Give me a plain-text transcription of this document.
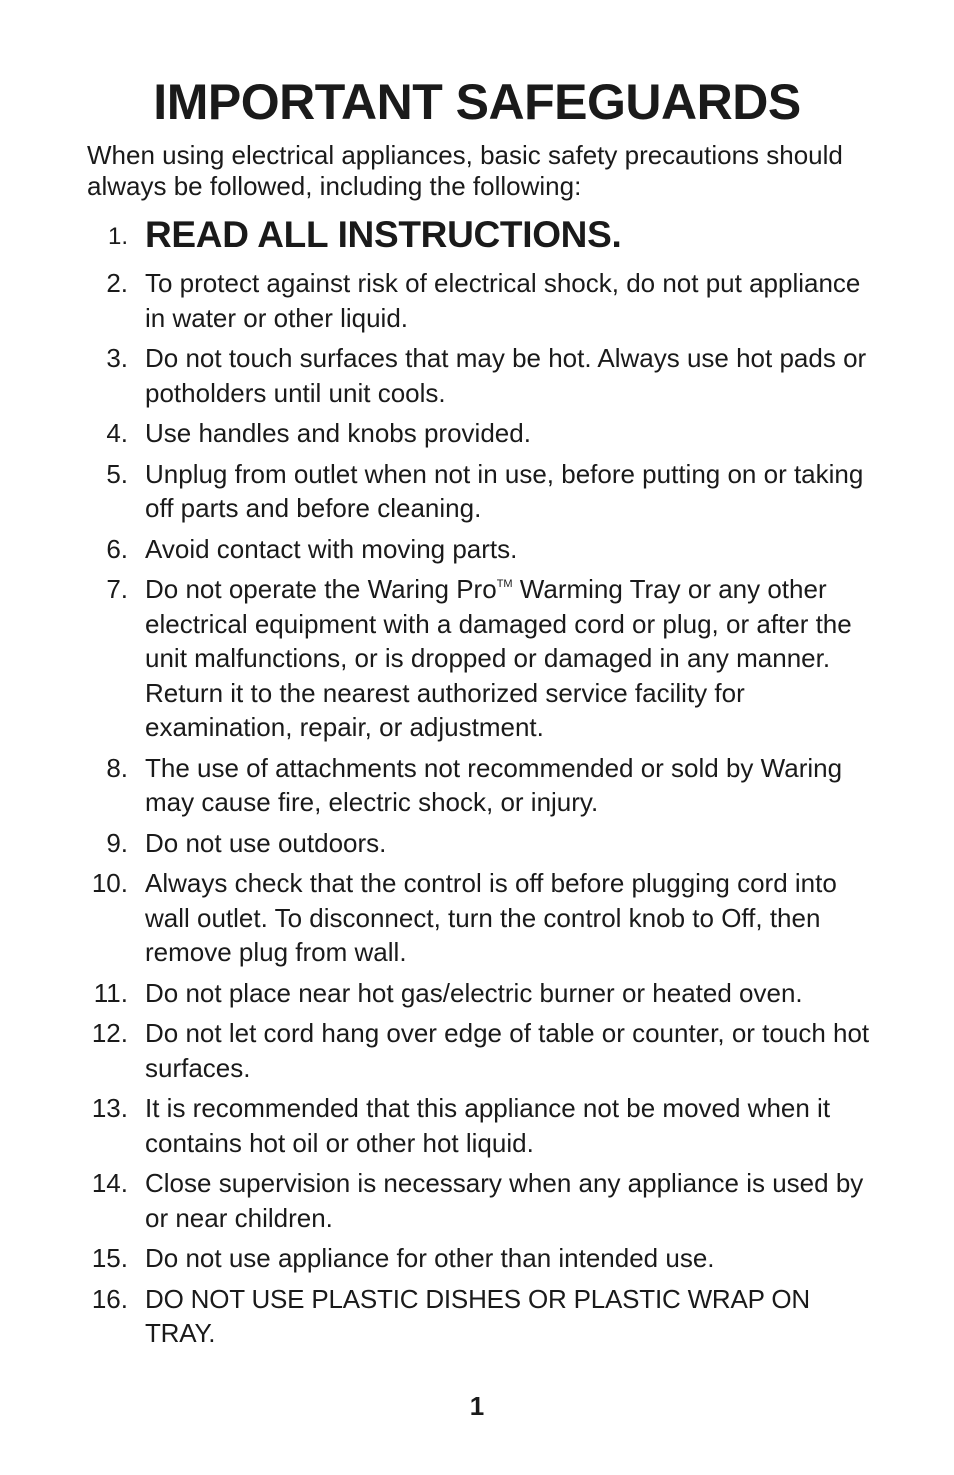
IMPORTANT SAFEGUARDS

When using electrical appliances, basic safety precautions should always be followed, including the following:

1. READ ALL INSTRUCTIONS.
2. To protect against risk of electrical shock, do not put appliance in water or other liquid.
3. Do not touch surfaces that may be hot. Always use hot pads or potholders until unit cools.
4. Use handles and knobs provided.
5. Unplug from outlet when not in use, before putting on or taking off parts and before cleaning.
6. Avoid contact with moving parts.
7. Do not operate the Waring Pro™ Warming Tray or any other electrical equipment with a damaged cord or plug, or after the unit malfunctions, or is dropped or damaged in any manner. Return it to the nearest authorized service facility for examination, repair, or adjustment.
8. The use of attachments not recommended or sold by Waring may cause fire, electric shock, or injury.
9. Do not use outdoors.
10. Always check that the control is off before plugging cord into wall outlet. To disconnect, turn the control knob to Off, then remove plug from wall.
11. Do not place near hot gas/electric burner or heated oven.
12. Do not let cord hang over edge of table or counter, or touch hot surfaces.
13. It is recommended that this appliance not be moved when it contains hot oil or other hot liquid.
14. Close supervision is necessary when any appliance is used by or near children.
15. Do not use appliance for other than intended use.
16. DO NOT USE PLASTIC DISHES OR PLASTIC WRAP ON TRAY.
1
